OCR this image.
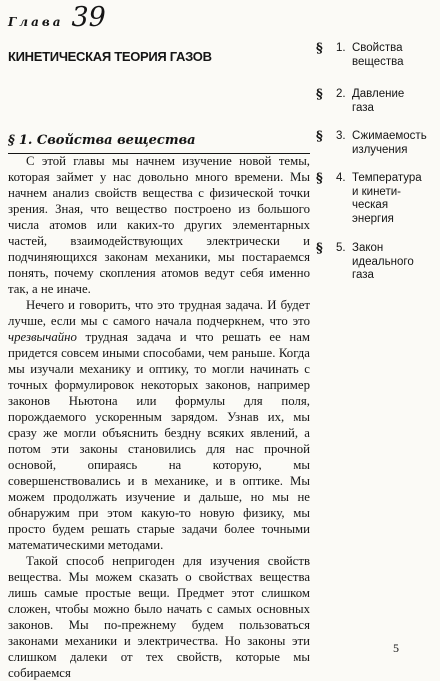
Глава 39
КИНЕТИЧЕСКАЯ ТЕОРИЯ ГАЗОВ
§	1. Свойства
вещества
§	2. Давление
газа
§	3. Сжимаемость
излучения
§	4. Температура
и кинети-
ческая
энергия
§	5. Закон
идеального
газа
§ 1. Свойства вещества

С этой главы мы начнем изучение новой темы, которая займет у нас довольно много времени. Мы начнем анализ свойств вещества с физической точки зрения. Зная, что вещество построено из большого числа атомов или каких-то других элементарных частей, взаимодействующих электрически и подчиняющихся законам механики, мы постараемся понять, почему скопления атомов ведут себя именно так, а не иначе.

Нечего и говорить, что это трудная задача. И будет лучше, если мы с самого начала подчеркнем, что это чрезвычайно трудная задача и что решать ее нам придется совсем иными способами, чем раньше. Когда мы изучали механику и оптику, то могли начинать с точных формулировок некоторых законов, например законов Ньютона или формулы для поля, порождаемого ускоренным зарядом. Узнав их, мы сразу же могли объяснить бездну всяких явлений, а потом эти законы становились для нас прочной основой, опираясь на которую, мы совершенствовались и в механике, и в оптике. Мы можем продолжать изучение и дальше, но мы не обнаружим при этом какую-то новую физику, мы просто будем решать старые задачи более точными математическими методами.

Такой способ непригоден для изучения свойств вещества. Мы можем сказать о свойствах вещества лишь самые простые вещи. Предмет этот слишком сложен, чтобы можно было начать с самых основных законов. Мы по-прежнему будем пользоваться законами механики и электричества. Но законы эти слишком далеки от тех свойств, которые мы собираемся

5
